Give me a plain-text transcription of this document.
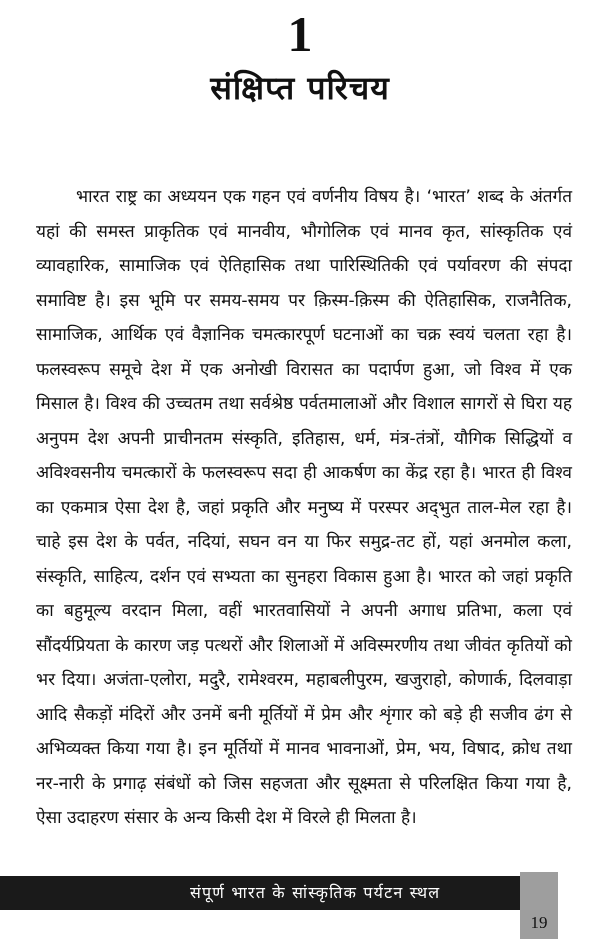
1
संक्षिप्त परिचय

भारत राष्ट्र का अध्ययन एक गहन एवं वर्णनीय विषय है। ‘भारत’ शब्द के अंतर्गत यहां की समस्त प्राकृतिक एवं मानवीय, भौगोलिक एवं मानव कृत, सांस्कृतिक एवं व्यावहारिक, सामाजिक एवं ऐतिहासिक तथा पारिस्थितिकी एवं पर्यावरण की संपदा समाविष्ट है। इस भूमि पर समय-समय पर क़िस्म-क़िस्म की ऐतिहासिक, राजनैतिक, सामाजिक, आर्थिक एवं वैज्ञानिक चमत्कारपूर्ण घटनाओं का चक्र स्वयं चलता रहा है। फलस्वरूप समूचे देश में एक अनोखी विरासत का पदार्पण हुआ, जो विश्व में एक मिसाल है। विश्व की उच्चतम तथा सर्वश्रेष्ठ पर्वतमालाओं और विशाल सागरों से घिरा यह अनुपम देश अपनी प्राचीनतम संस्कृति, इतिहास, धर्म, मंत्र-तंत्रों, यौगिक सिद्धियों व अविश्वसनीय चमत्कारों के फलस्वरूप सदा ही आकर्षण का केंद्र रहा है। भारत ही विश्व का एकमात्र ऐसा देश है, जहां प्रकृति और मनुष्य में परस्पर अद्‌भुत ताल-मेल रहा है। चाहे इस देश के पर्वत, नदियां, सघन वन या फिर समुद्र-तट हों, यहां अनमोल कला, संस्कृति, साहित्य, दर्शन एवं सभ्यता का सुनहरा विकास हुआ है। भारत को जहां प्रकृति का बहुमूल्य वरदान मिला, वहीं भारतवासियों ने अपनी अगाध प्रतिभा, कला एवं सौंदर्यप्रियता के कारण जड़ पत्थरों और शिलाओं में अविस्मरणीय तथा जीवंत कृतियों को भर दिया। अजंता-एलोरा, मदुरै, रामेश्वरम, महाबलीपुरम, खजुराहो, कोणार्क, दिलवाड़ा आदि सैकड़ों मंदिरों और उनमें बनी मूर्तियों में प्रेम और शृंगार को बड़े ही सजीव ढंग से अभिव्यक्त किया गया है। इन मूर्तियों में मानव भावनाओं, प्रेम, भय, विषाद, क्रोध तथा नर-नारी के प्रगाढ़ संबंधों को जिस सहजता और सूक्ष्मता से परिलक्षित किया गया है, ऐसा उदाहरण संसार के अन्य किसी देश में विरले ही मिलता है।

संपूर्ण भारत के सांस्कृतिक पर्यटन स्थल
19
